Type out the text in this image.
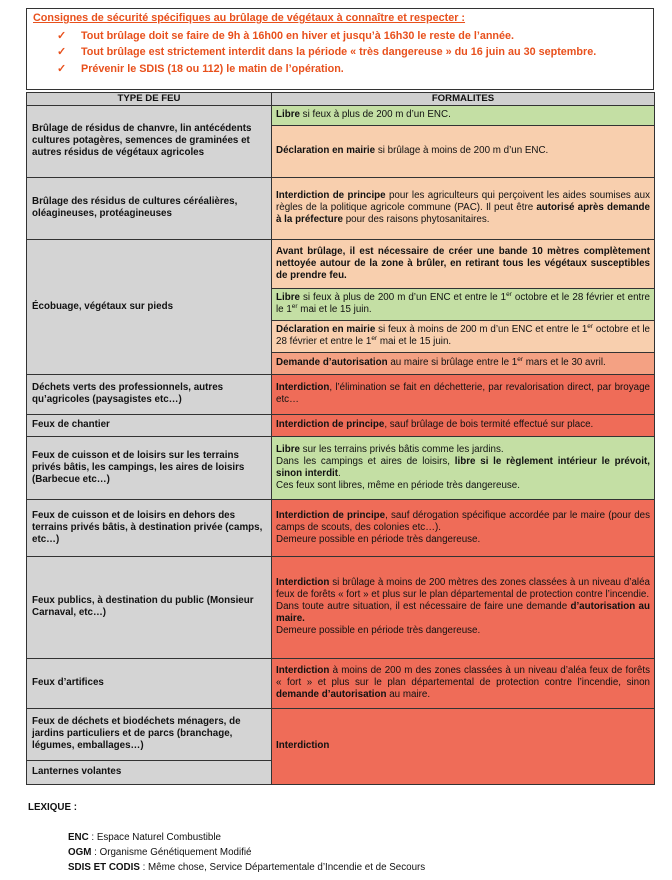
Consignes de sécurité spécifiques au brûlage de végétaux à connaître et respecter :
✓ Tout brûlage doit se faire de 9h à 16h00 en hiver et jusqu’à 16h30 le reste de l’année.
✓ Tout brûlage est strictement interdit dans la période « très dangereuse » du 16 juin au 30 septembre.
✓ Prévenir le SDIS (18 ou 112) le matin de l’opération.
TYPE DE FEU	FORMALITES
Brûlage de résidus de chanvre, lin antécédents cultures potagères, semences de graminées et autres résidus de végétaux agricoles	Libre si feux à plus de 200 m d’un ENC.
	Déclaration en mairie si brûlage à moins de 200 m d’un ENC.
Brûlage des résidus de cultures céréalières, oléagineuses, protéagineuses	Interdiction de principe pour les agriculteurs qui perçoivent les aides soumises aux règles de la politique agricole commune (PAC). Il peut être autorisé après demande à la préfecture pour des raisons phytosanitaires.
Écobuage, végétaux sur pieds	Avant brûlage, il est nécessaire de créer une bande 10 mètres complètement nettoyée autour de la zone à brûler, en retirant tous les végétaux susceptibles de prendre feu.
	Libre si feux à plus de 200 m d’un ENC et entre le 1er octobre et le 28 février et entre le 1er mai et le 15 juin.
	Déclaration en mairie si feux à moins de 200 m d’un ENC et entre le 1er octobre et le 28 février et entre le 1er mai et le 15 juin.
	Demande d’autorisation au maire si brûlage entre le 1er mars et le 30 avril.
Déchets verts des professionnels, autres qu’agricoles (paysagistes etc…)	Interdiction, l’élimination se fait en déchetterie, par revalorisation direct, par broyage etc…
Feux de chantier	Interdiction de principe, sauf brûlage de bois termité effectué sur place.
Feux de cuisson et de loisirs sur les terrains privés bâtis, les campings, les aires de loisirs (Barbecue etc…)	Libre sur les terrains privés bâtis comme les jardins.
Dans les campings et aires de loisirs, libre si le règlement intérieur le prévoit, sinon interdit.
Ces feux sont libres, même en période très dangereuse.
Feux de cuisson et de loisirs en dehors des terrains privés bâtis, à destination privée (camps, etc…)	Interdiction de principe, sauf dérogation spécifique accordée par le maire (pour des camps de scouts, des colonies etc…).
Demeure possible en période très dangereuse.
Feux publics, à destination du public (Monsieur Carnaval, etc…)	Interdiction si brûlage à moins de 200 mètres des zones classées à un niveau d’aléa feux de forêts « fort » et plus sur le plan départemental de protection contre l’incendie.
Dans toute autre situation, il est nécessaire de faire une demande d’autorisation au maire.
Demeure possible en période très dangereuse.
Feux d’artifices	Interdiction à moins de 200 m des zones classées à un niveau d’aléa feux de forêts « fort » et plus sur le plan départemental de protection contre l’incendie, sinon demande d’autorisation au maire.
Feux de déchets et biodéchets ménagers, de jardins particuliers et de parcs (branchage, légumes, emballages…)	Interdiction
Lanternes volantes	
LEXIQUE :
ENC : Espace Naturel Combustible
OGM : Organisme Génétiquement Modifié
SDIS ET CODIS : Même chose, Service Départementale d’Incendie et de Secours
